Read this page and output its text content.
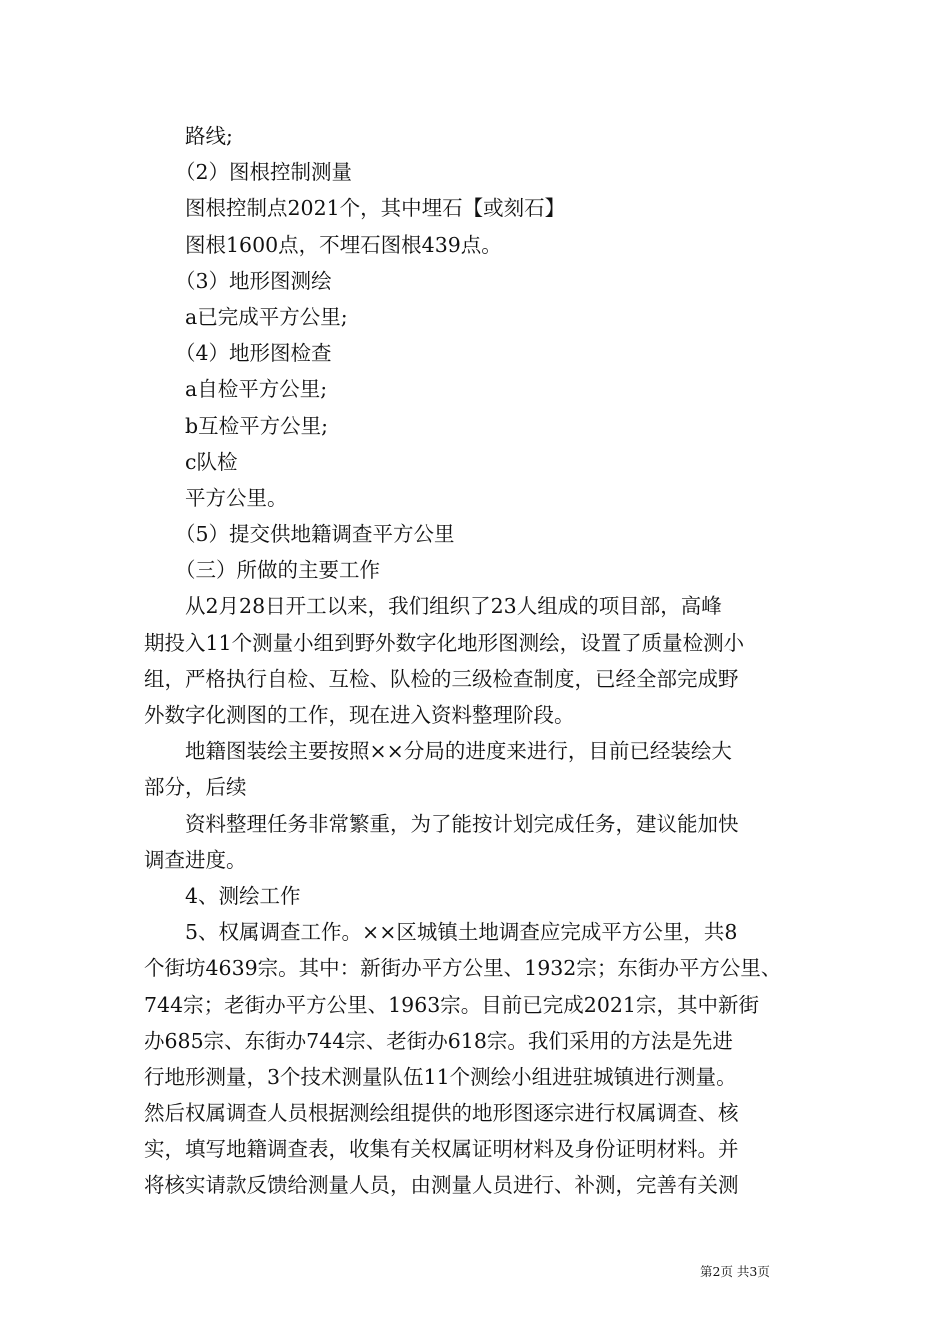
路线;
（2）图根控制测量
图根控制点2021个，其中埋石【或刻石】
图根1600点，不埋石图根439点。
（3）地形图测绘
a已完成平方公里;
（4）地形图检查
a自检平方公里;
b互检平方公里;
c队检
平方公里。
（5）提交供地籍调查平方公里
（三）所做的主要工作
从2月28日开工以来，我们组织了23人组成的项目部，高峰
期投入11个测量小组到野外数字化地形图测绘，设置了质量检测小
组，严格执行自检、互检、队检的三级检查制度，已经全部完成野
外数字化测图的工作，现在进入资料整理阶段。
地籍图装绘主要按照××分局的进度来进行，目前已经装绘大
部分，后续
资料整理任务非常繁重，为了能按计划完成任务，建议能加快
调查进度。
4、测绘工作
5、权属调查工作。××区城镇土地调查应完成平方公里，共8
个街坊4639宗。其中：新街办平方公里、1932宗；东街办平方公里、
744宗；老街办平方公里、1963宗。目前已完成2021宗，其中新街
办685宗、东街办744宗、老街办618宗。我们采用的方法是先进
行地形测量，3个技术测量队伍11个测绘小组进驻城镇进行测量。
然后权属调查人员根据测绘组提供的地形图逐宗进行权属调查、核
实，填写地籍调查表，收集有关权属证明材料及身份证明材料。并
将核实请款反馈给测量人员，由测量人员进行、补测，完善有关测
第2页 共3页
